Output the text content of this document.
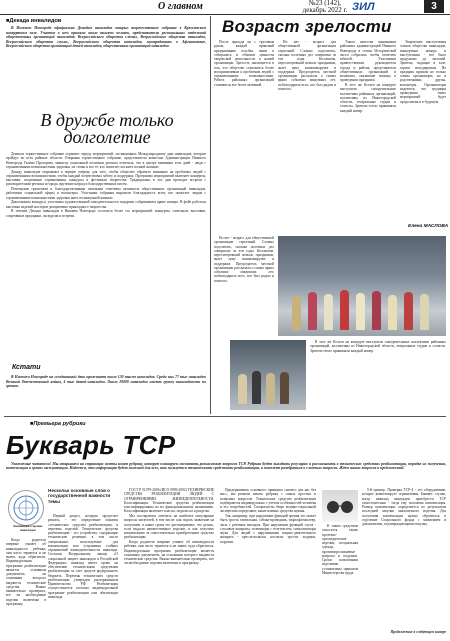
О главном	№23 (142),
декабрь 2022 г. ЗИЛ	3
■ Декада инвалидов

В Нижнем Новгороде официально Декадам инвалидов открыл торжественное собрание в Кремлевском концертном зале. Участие в нем приняли около тысячи человек, представители региональных отделений общественных организаций инвалидов: Всероссийского общества слепых, Всероссийского общества инвалидов, Всероссийского общества глухих, Всероссийского общества инвалидов, пострадавших в Афганистане, Всероссийского общества организаций детей-инвалидов, общественных организаций инвалидов

В дружбе только долголетие

Денисов торжественное собрание отрывает череду мероприятий, посвященных Международному дню инвалидов, которые пройдут во всех районах области. Открывая торжественное собрание, представители комиссии Администрации Нижнего Новгорода Галина Прохорова, министр социальной политики региона отметила, что в центре внимания этих дней - люди с ограниченными возможностями здоровья, их семьи и все те, кто помогает им жить полной жизнью.

Декаду инвалидов открывают в первую очередь для того, чтобы общество обратило внимание на проблемы людей с ограниченными возможностями, чтобы каждый почувствовал заботу и поддержку. Программа мероприятий включает концерты, выставки, спортивные соревнования, конкурсы и фестивали творчества. Традиционно в эти дни проходят встречи с руководителями региона и города, вручение наград и благодарственных писем.

Почетными грамотами и благодарственными письмами отмечены активисты общественных организаций инвалидов, работники социальной сферы и волонтеры. Участники собрания выразили благодарность всем, кто помогает людям с ограниченными возможностями здоровья жить полноценной жизнью.

Дипломанты конкурса, участники художественной самодеятельности подарили собравшимся яркие номера. В фойе работала выставка изделий мастеров декоративно-прикладного творчества.

В течение Декады инвалидов в Нижнем Новгороде состоятся более ста мероприятий: концерты, спектакли, выставки, спортивные праздники, экскурсии и встречи.

Кстати

В Нижнем Новгороде на сегодняшний день проживает около 130 тысяч инвалидов. Среди них 77 тыс инвалидов Великой Отечественной войны, 4 тыс детей-инвалидов. Около 20000 инвалидов имеют группу инвалидности по зрению.

Возраст зрелости

После прихода на с трутовым рукам, каждой приятный празднованию голубая, наши в собирались и обвитые ценности творческой деятельности в нашей организации. Зрелость заключается в том, что общество становится более восприимчивым к проблемам людей с ограниченными возможностями. Работа районных организаций становится все более активной.

Но нет - возраст для общественной организации серьезный. Сложно подсчитать, сколько полезных дел совершено за эти годы. Коллектив, пересмотревший немало праздников, знает цену взаимовыручке и поддержке. Председатель местной организации рассказала о самых ярких событиях минувших лет, поблагодарила всех, кто был рядом и помогал.

Такого качества чиновников районных администраций Нижнего Новгорода в стенах Исторической части собрались чтобы отметить юбилей. Участников приветствовали руководители города и района, представители общественных организаций и меценаты, оказавшие помощь в проведении праздника.

В этот же Кстати на концерте выступили самодеятельные коллективы районных организаций, коллективы из Нижегородской области, театральные студии и солисты. Зрители тепло принимали каждый номер.

Творческие выступления членов общества инвалидов, концертные номера и выступления - все было продумано до мелочей. Зрители, сидящие в зале, горячо аплодировали. На праздник пришли не только члены организации, но и родственники, друзья, волонтеры. Организаторы надеются, что традиция проведения таких мероприятий будет продолжена и в будущем.

Елена МАСЛОВА

Но нет - возраст для общественной организации серьезный. Сложно подсчитать, сколько полезных дел совершено за эти годы. Коллектив, пересмотревший немало праздников, знает цену взаимовыручке и поддержке. Председатель местной организации рассказала о самых ярких событиях минувших лет, поблагодарила всех, кто был рядом и помогал.

В этот же Кстати на концерте выступили самодеятельные коллективы районных организаций, коллективы из Нижегородской области, театральные студии и солисты. Зрители тепло принимали каждый номер.

■ Премьера рубрики
Букварь ТСР

Уважаемые читатели! Мы открываем на страницах газеты новую рубрику, которую планируем посвятить разъяснению вопросов ТСР. Рубрика будет выходить регулярно и рассказывать о технических средствах реабилитации, порядке их получения, компенсации и сроках эксплуатации. Надеемся, что информация будет полезной для всех, кто пользуется техническими средствами реабилитации, и поможет разобраться в сложных вопросах. Ждем ваших вопросов и предложений!

Конвенция о правах инвалидов

Нескольк основные слов о государственной важности темы

Первый раздел, которую предстоит решить, - это определение понятия «технические средства реабилитации» и перечень изделий. Технические средства реабилитации - это устройства, содержащие технические решения, в том числе специальные, используемые для компенсации или устранения стойких ограничений жизнедеятельности инвалида. Согласно Федеральному закону «О социальной защите инвалидов в Российской Федерации» инвалид имеет право на обеспечение техническими средствами реабилитации за счет средств федерального бюджета. Перечень технических средств реабилитации утвержден распоряжением Правительства РФ. Реабилитация осуществляется согласно индивидуальной программе реабилитации или абилитации инвалида.

Когда родители впервые узнают об инвалидности ребенка, они часто теряются и не знают, куда обратиться. Индивидуальная программа реабилитации является основным документом, на основании которого выдаются технические средства. Важно внимательно проверить, все ли необходимые изделия включены в программу.

ГОСТ Р 51079-2006 (ИСО 9999:2002) ТЕХНИЧЕСКИЕ СРЕДСТВА РЕАБИЛИТАЦИИ ЛЮДЕЙ С ОГРАНИЧЕНИЯМИ ЖИЗНЕДЕЯТЕЛЬНОСТИ. Классификация. Технические средства реабилитации классифицированы по их функциональному назначению. Классификация включает классы, подклассы и разделы.

Мы постараемся ответить на наиболее популярные вопросы читателей, в том числе: как подать заявление на получение, в какие сроки его рассматривают, что делать, если выдали некачественное изделие, и как получить компенсацию за самостоятельно приобретенное средство реабилитации.

Когда родители впервые узнают об инвалидности ребенка, они часто теряются и не знают, куда обратиться. Индивидуальная программа реабилитации является основным документом, на основании которого выдаются технические средства. Важно внимательно проверить, все ли необходимые изделия включены в программу.

Придерживаясь основного принципа «ничего для нас без нас», мы решили начать рубрику с самых простых и понятных вопросов. Технические средства реабилитации подбираются индивидуально с учетом особенностей человека и его потребностей. Специалисты бюро медико-социальной экспертизы определяют, какие именно средства нужны.

Так, например, при нарушении функций зрения это может быть трость тактильная, собака-проводник, тифлофлешплеер, часы с речевым выходом. При нарушении функций слуха - слуховые аппараты, телевизоры с телетекстом, сигнализаторы звука. Для людей с нарушениями опорно-двигательного аппарата - кресла-коляски, костыли, трости, ходунки, поручни.

К таким средствам относятся также протезно-ортопедические изделия, специальная одежда, противопролежневые матрасы и подушки. Сроки пользования изделиями установлены приказом Министерства труда.

5-й пример. Проверка ТСР-4 - это оборудование, которое компенсирует ограничения. Бывают случаи, когда инвалид вынужден приобрести ТСР самостоятельно - тогда ему положена компенсация. Размер компенсации определяется по результатам последней закупки аналогичного изделия. Для получения компенсации нужно обратиться в отделение Социального фонда с заявлением и документами, подтверждающими покупку.

Продолжение в следующем номере
